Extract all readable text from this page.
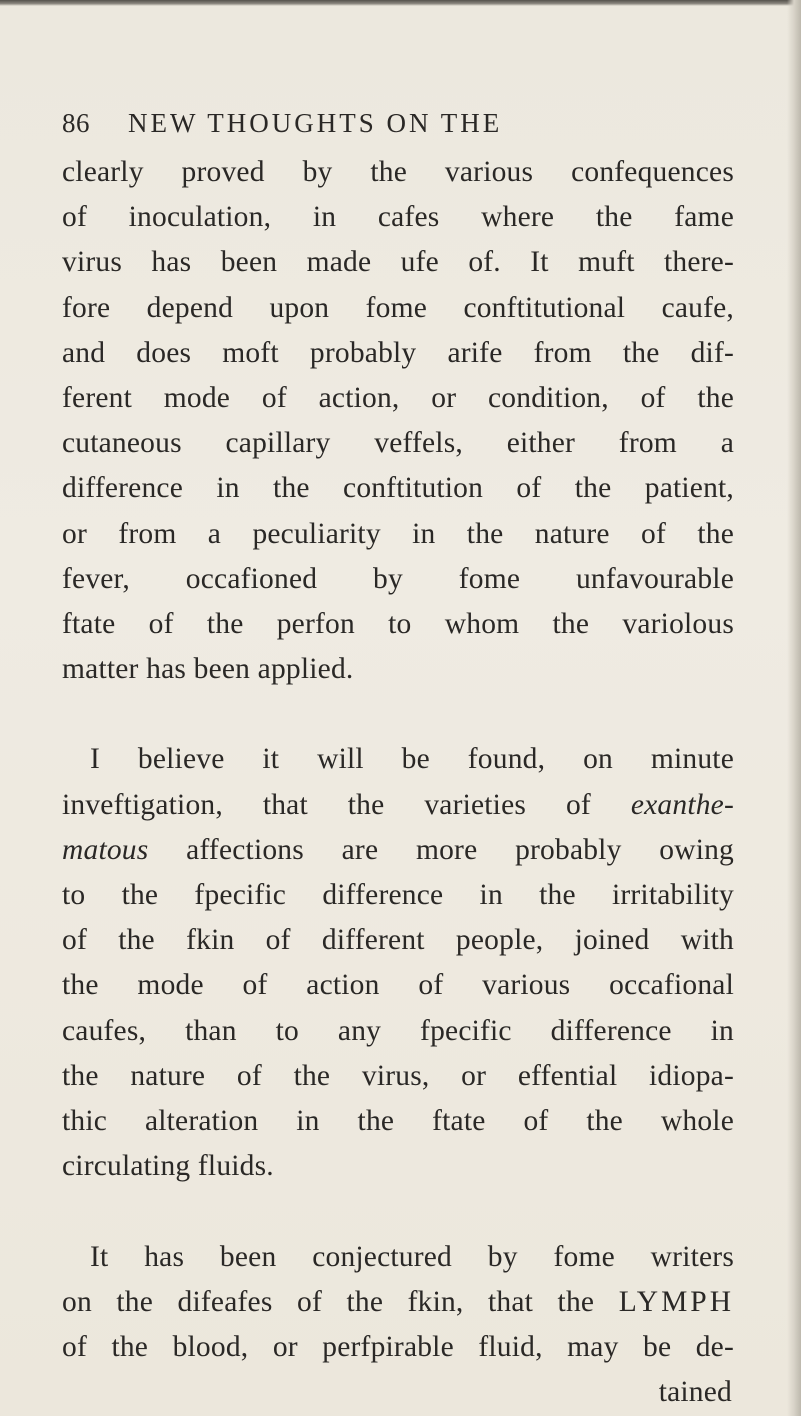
86 NEW THOUGHTS ON THE
clearly proved by the various confequences
of inoculation, in cafes where the fame
virus has been made ufe of. It muft there-
fore depend upon fome conftitutional caufe,
and does moft probably arife from the dif-
ferent mode of action, or condition, of the
cutaneous capillary veffels, either from a
difference in the conftitution of the patient,
or from a peculiarity in the nature of the
fever, occafioned by fome unfavourable
ftate of the perfon to whom the variolous
matter has been applied.
I believe it will be found, on minute
inveftigation, that the varieties of exanthe-
matous affections are more probably owing
to the fpecific difference in the irritability
of the fkin of different people, joined with
the mode of action of various occafional
caufes, than to any fpecific difference in
the nature of the virus, or effential idiopa-
thic alteration in the ftate of the whole
circulating fluids.
It has been conjectured by fome writers
on the difeafes of the fkin, that the LYMPH
of the blood, or perfpirable fluid, may be de-
tained
